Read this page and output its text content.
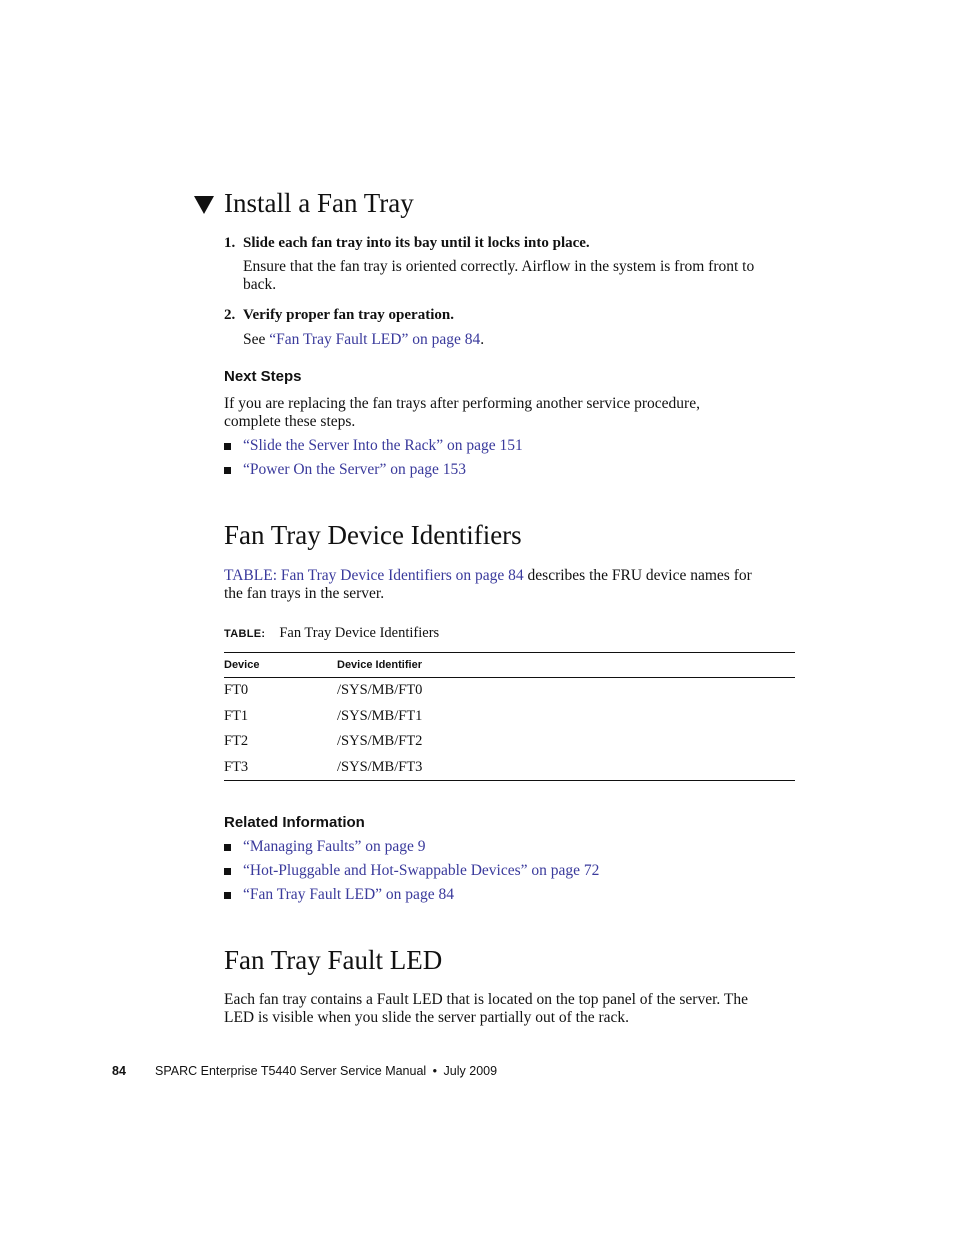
Install a Fan Tray
1. Slide each fan tray into its bay until it locks into place.
Ensure that the fan tray is oriented correctly. Airflow in the system is from front to
back.
2. Verify proper fan tray operation.
See “Fan Tray Fault LED” on page 84.
Next Steps
If you are replacing the fan trays after performing another service procedure,
complete these steps.
“Slide the Server Into the Rack” on page 151
“Power On the Server” on page 153
Fan Tray Device Identifiers
TABLE: Fan Tray Device Identifiers on page 84 describes the FRU device names for
the fan trays in the server.
TABLE: Fan Tray Device Identifiers
Device	Device Identifier
FT0	/SYS/MB/FT0
FT1	/SYS/MB/FT1
FT2	/SYS/MB/FT2
FT3	/SYS/MB/FT3
Related Information
“Managing Faults” on page 9
“Hot-Pluggable and Hot-Swappable Devices” on page 72
“Fan Tray Fault LED” on page 84
Fan Tray Fault LED
Each fan tray contains a Fault LED that is located on the top panel of the server. The
LED is visible when you slide the server partially out of the rack.
84 SPARC Enterprise T5440 Server Service Manual • July 2009
